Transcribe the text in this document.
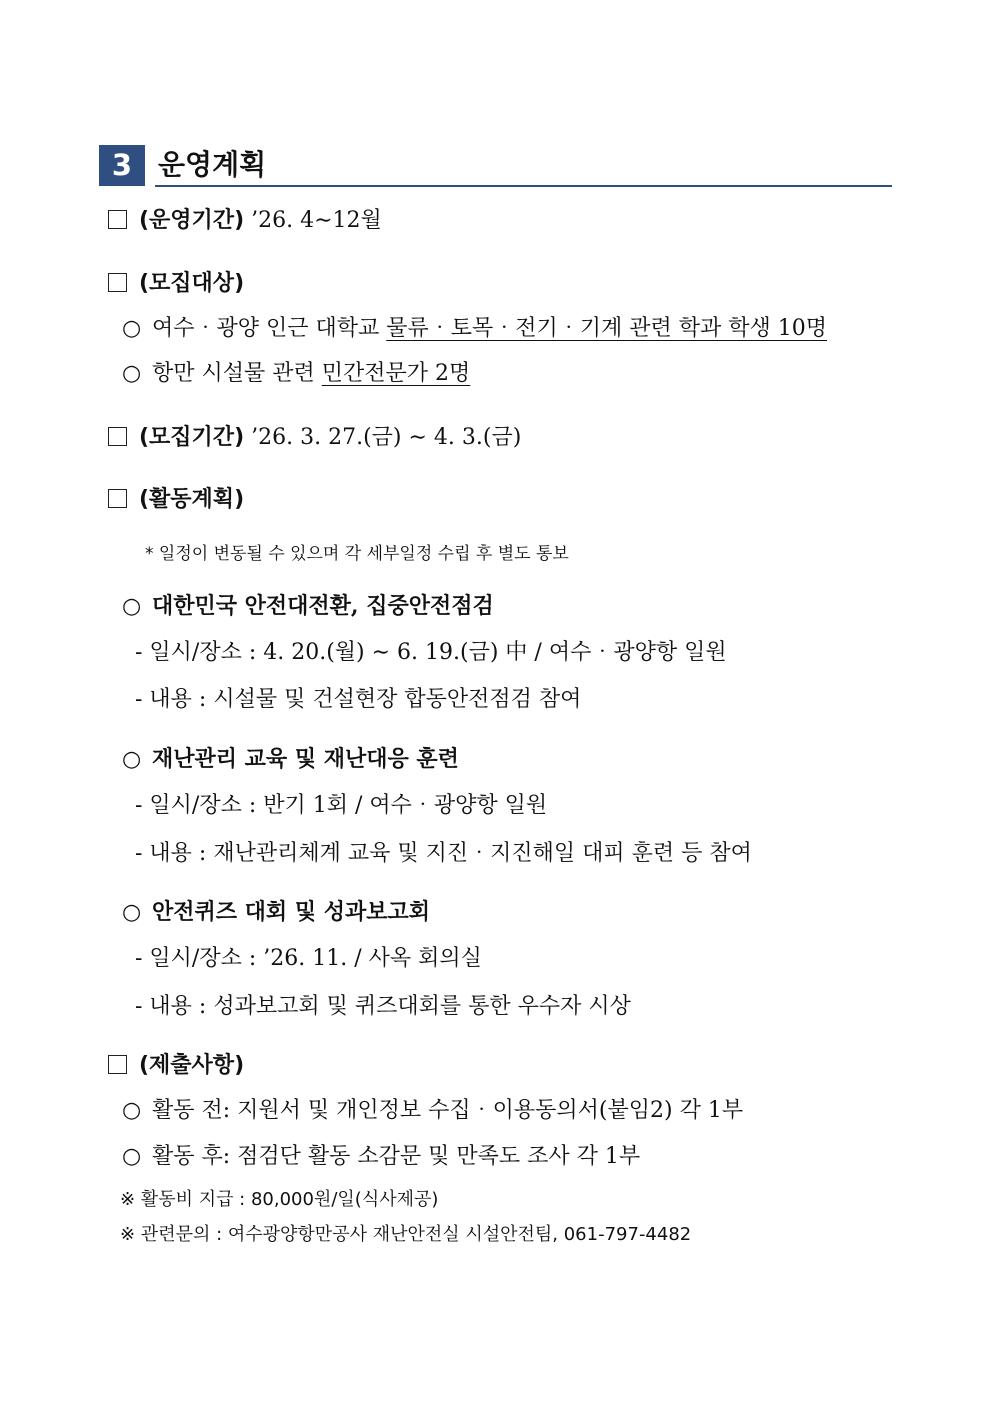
3 운영계획
(운영기간) ’26. 4∼12월
(모집대상)
○ 여수‧광양 인근 대학교 물류‧토목‧전기‧기계 관련 학과 학생 10명
○ 항만 시설물 관련 민간전문가 2명
(모집기간) ’26. 3. 27.(금) ∼ 4. 3.(금)
(활동계획)
* 일정이 변동될 수 있으며 각 세부일정 수립 후 별도 통보
○ 대한민국 안전대전환, 집중안전점검
- 일시/장소 : 4. 20.(월) ∼ 6. 19.(금) 中 / 여수‧광양항 일원
- 내용 : 시설물 및 건설현장 합동안전점검 참여
○ 재난관리 교육 및 재난대응 훈련
- 일시/장소 : 반기 1회 / 여수‧광양항 일원
- 내용 : 재난관리체계 교육 및 지진‧지진해일 대피 훈련 등 참여
○ 안전퀴즈 대회 및 성과보고회
- 일시/장소 : ’26. 11. / 사옥 회의실
- 내용 : 성과보고회 및 퀴즈대회를 통한 우수자 시상
(제출사항)
○ 활동 전: 지원서 및 개인정보 수집‧이용동의서(붙임2) 각 1부
○ 활동 후: 점검단 활동 소감문 및 만족도 조사 각 1부
※ 활동비 지급 : 80,000원/일(식사제공)
※ 관련문의 : 여수광양항만공사 재난안전실 시설안전팀, 061-797-4482
